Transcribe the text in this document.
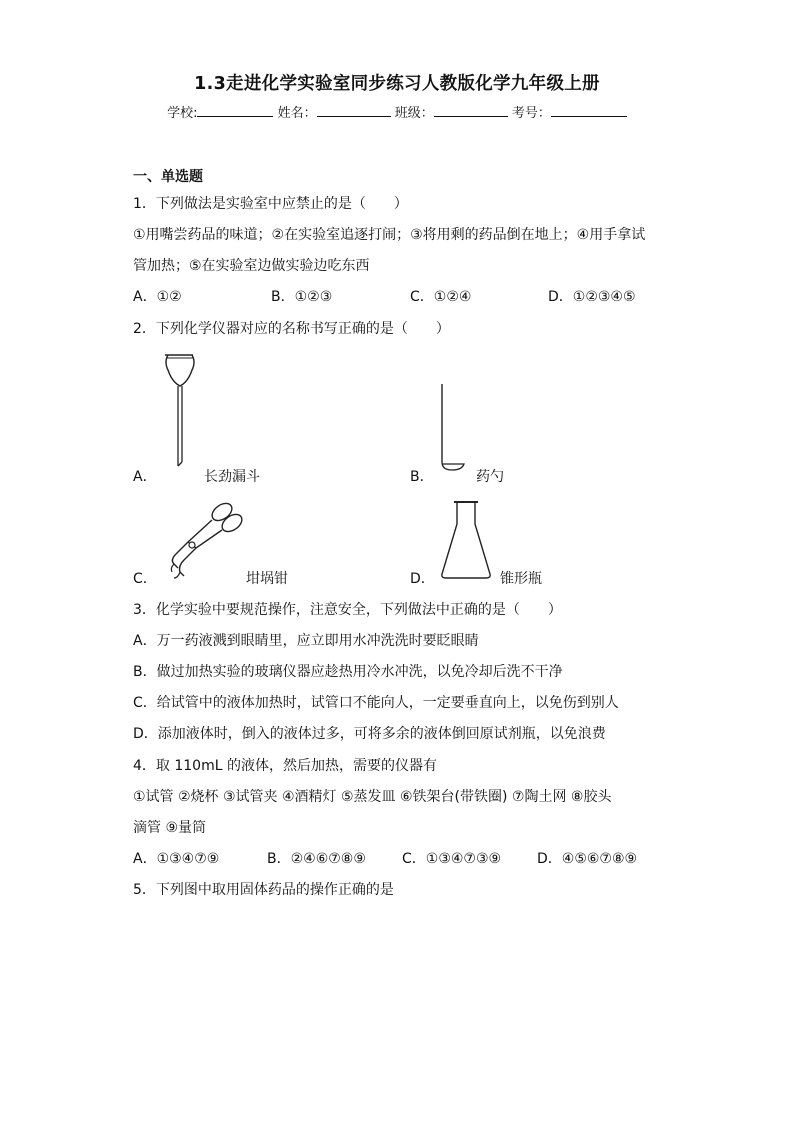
1.3走进化学实验室同步练习人教版化学九年级上册
学校:	姓名：	班级：	考号：
一、单选题
1．下列做法是实验室中应禁止的是（　　）
①用嘴尝药品的味道；②在实验室追逐打闹；③将用剩的药品倒在地上；④用手拿试
管加热；⑤在实验室边做实验边吃东西
A．①②	B．①②③	C．①②④	D．①②③④⑤
2．下列化学仪器对应的名称书写正确的是（　　）
A．	长劲漏斗	B．	药勺
C．	坩埚钳	D．	锥形瓶
3．化学实验中要规范操作，注意安全，下列做法中正确的是（　　）
A．万一药液溅到眼睛里，应立即用水冲洗洗时要眨眼睛
B．做过加热实验的玻璃仪器应趁热用冷水冲洗，以免冷却后洗不干净
C．给试管中的液体加热时，试管口不能向人，一定要垂直向上，以免伤到别人
D．添加液体时，倒入的液体过多，可将多余的液体倒回原试剂瓶，以免浪费
4．取 110mL 的液体，然后加热，需要的仪器有
①试管 ②烧杯 ③试管夹 ④酒精灯 ⑤蒸发皿 ⑥铁架台(带铁圈) ⑦陶土网 ⑧胶头
滴管 ⑨量筒
A．①③④⑦⑨	B．②④⑥⑦⑧⑨	C．①③④⑦③⑨	D．④⑤⑥⑦⑧⑨
5．下列图中取用固体药品的操作正确的是
